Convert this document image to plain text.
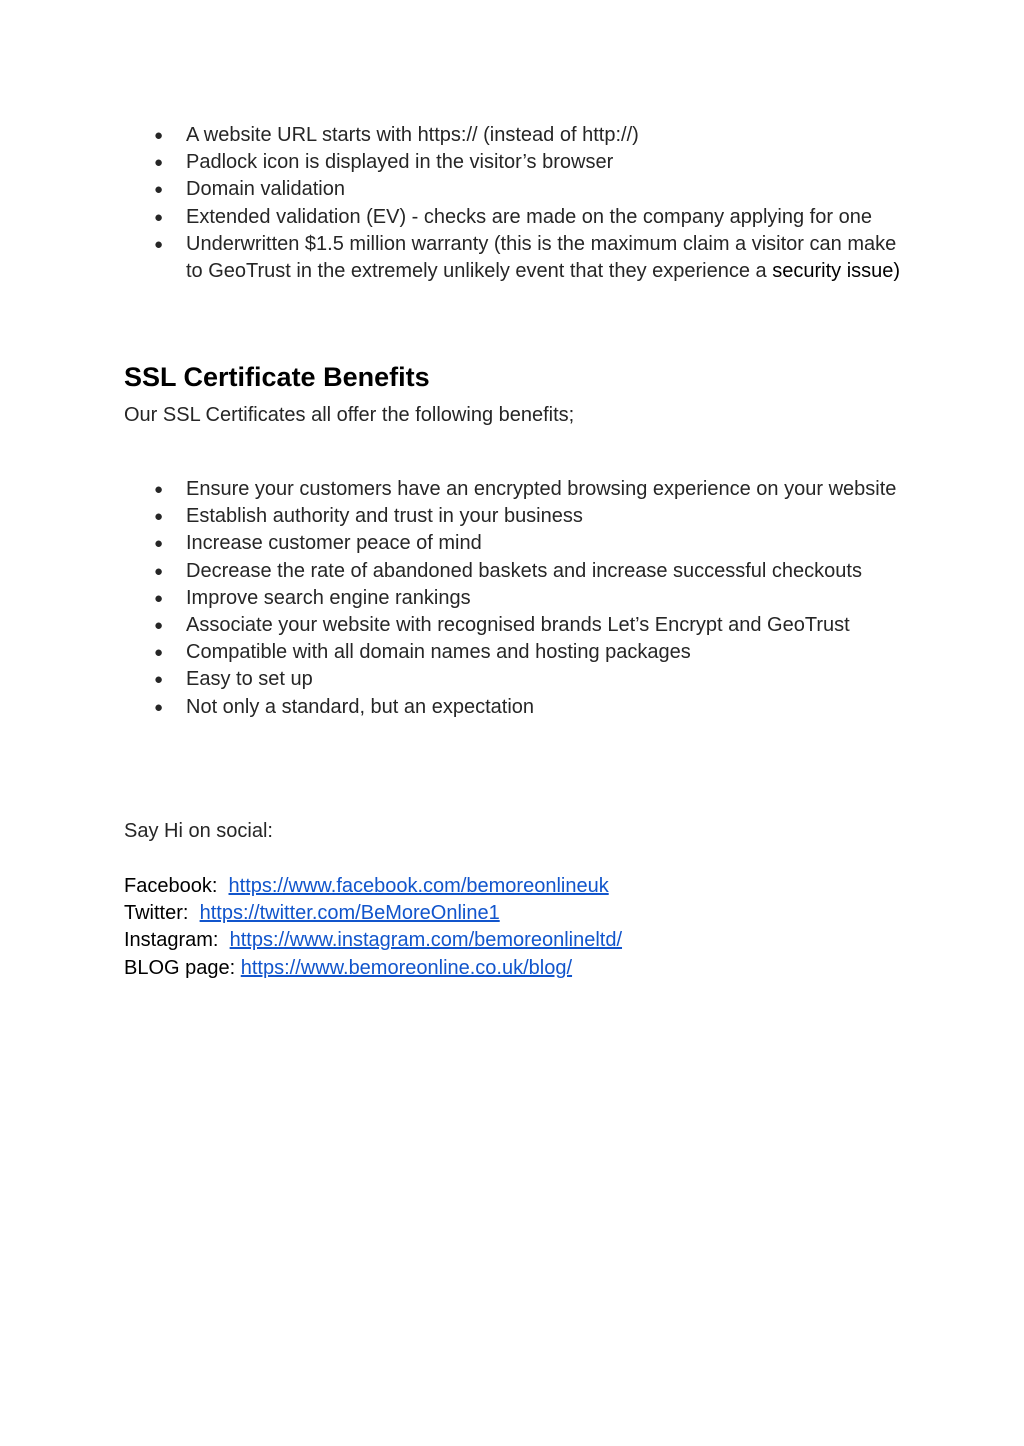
● A website URL starts with https:// (instead of http://)
● Padlock icon is displayed in the visitor’s browser
● Domain validation
● Extended validation (EV) - checks are made on the company applying for one
● Underwritten $1.5 million warranty (this is the maximum claim a visitor can make to GeoTrust in the extremely unlikely event that they experience a security issue)
SSL Certificate Benefits

Our SSL Certificates all offer the following benefits;

● Ensure your customers have an encrypted browsing experience on your website
● Establish authority and trust in your business
● Increase customer peace of mind
● Decrease the rate of abandoned baskets and increase successful checkouts
● Improve search engine rankings
● Associate your website with recognised brands Let’s Encrypt and GeoTrust
● Compatible with all domain names and hosting packages
● Easy to set up
● Not only a standard, but an expectation

Say Hi on social:

Facebook:  https://www.facebook.com/bemoreonlineuk

Twitter:  https://twitter.com/BeMoreOnline1

Instagram:  https://www.instagram.com/bemoreonlineltd/

BLOG page: https://www.bemoreonline.co.uk/blog/
